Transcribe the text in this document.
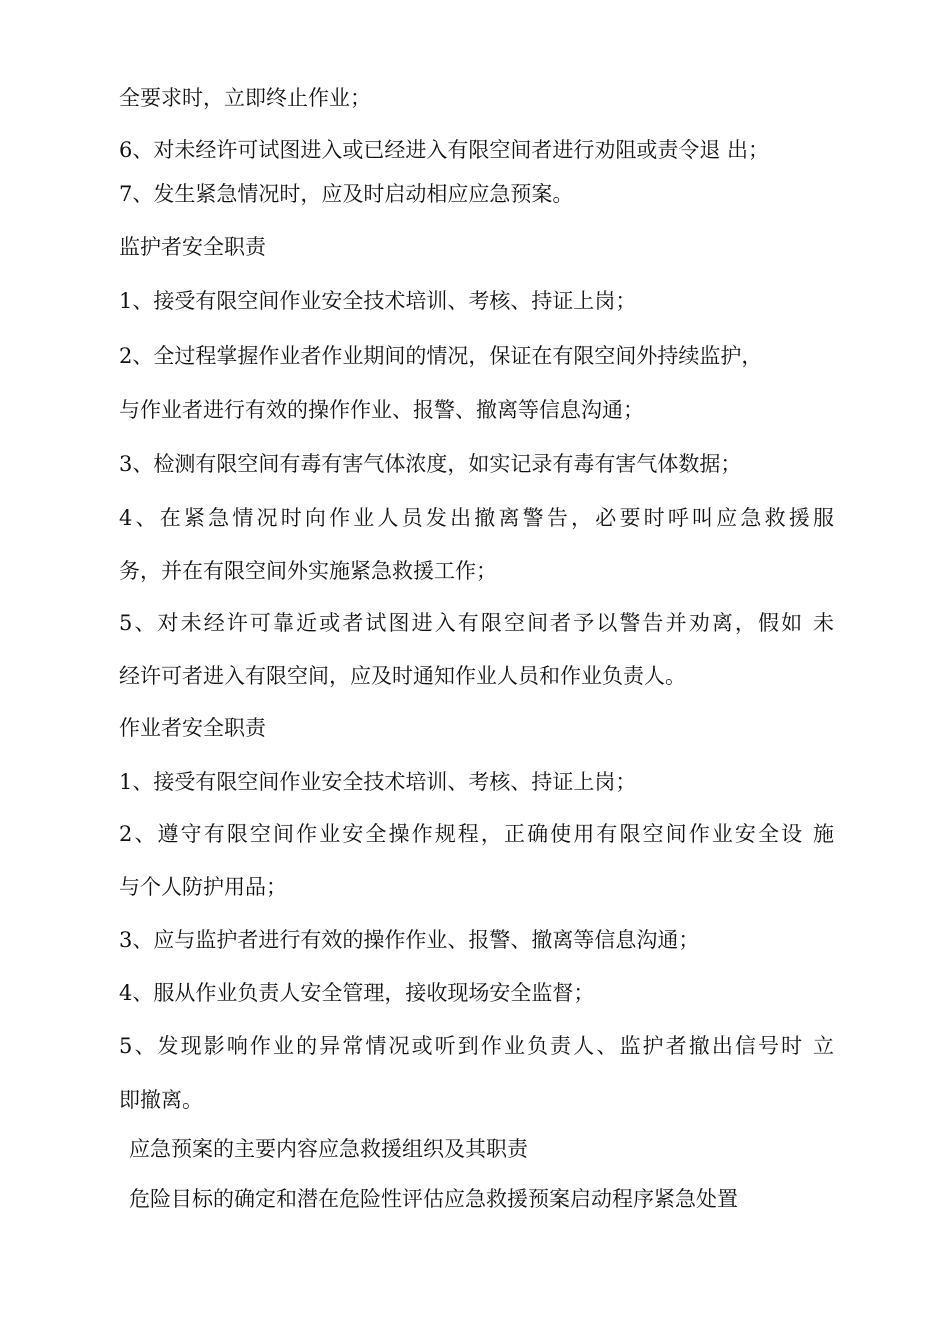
全要求时，立即终止作业；

6、对未经许可试图进入或已经进入有限空间者进行劝阻或责令退 出；

7、发生紧急情况时，应及时启动相应应急预案。

监护者安全职责

1、接受有限空间作业安全技术培训、考核、持证上岗；

2、全过程掌握作业者作业期间的情况，保证在有限空间外持续监护，

与作业者进行有效的操作作业、报警、撤离等信息沟通；

3、检测有限空间有毒有害气体浓度，如实记录有毒有害气体数据；

4、在紧急情况时向作业人员发出撤离警告，必要时呼叫应急救援服

务，并在有限空间外实施紧急救援工作；

5、对未经许可靠近或者试图进入有限空间者予以警告并劝离，假如 未

经许可者进入有限空间，应及时通知作业人员和作业负责人。

作业者安全职责

1、接受有限空间作业安全技术培训、考核、持证上岗；

2、遵守有限空间作业安全操作规程，正确使用有限空间作业安全设 施

与个人防护用品；

3、应与监护者进行有效的操作作业、报警、撤离等信息沟通；

4、服从作业负责人安全管理，接收现场安全监督；

5、发现影响作业的异常情况或听到作业负责人、监护者撤出信号时 立

即撤离。

应急预案的主要内容应急救援组织及其职责

危险目标的确定和潜在危险性评估应急救援预案启动程序紧急处置
